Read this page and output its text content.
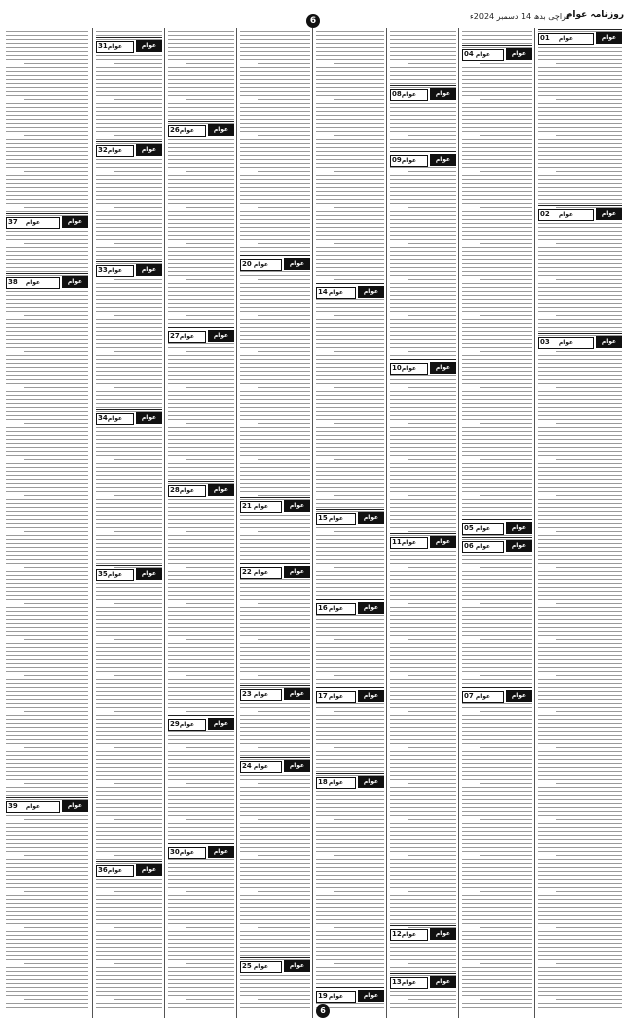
کراچی بدھ 14 دسمبر 2024ء
روزنامہ عوام
6
عوام	عوام
01
عوام	عوام
02
عوام	عوام
03
عوام	عوام
04
عوام	عوام
05
عوام	عوام
06
عوام	عوام
07
عوام	عوام
08
عوام	عوام
09
عوام	عوام
10
عوام	عوام
11
عوام	عوام
12
عوام	عوام
13
عوام	عوام
14
عوام	عوام
15
عوام	عوام
16
عوام	عوام
17
عوام	عوام
18
عوام	عوام
19
عوام	عوام
20
عوام	عوام
21
عوام	عوام
22
عوام	عوام
23
عوام	عوام
24
عوام	عوام
25
عوام	عوام
26
عوام	عوام
27
عوام	عوام
28
عوام	عوام
29
عوام	عوام
30
عوام	عوام
31
عوام	عوام
32
عوام	عوام
33
عوام	عوام
34
عوام	عوام
35
عوام	عوام
36
عوام	عوام
37
عوام	عوام
38
عوام	عوام
39
6
